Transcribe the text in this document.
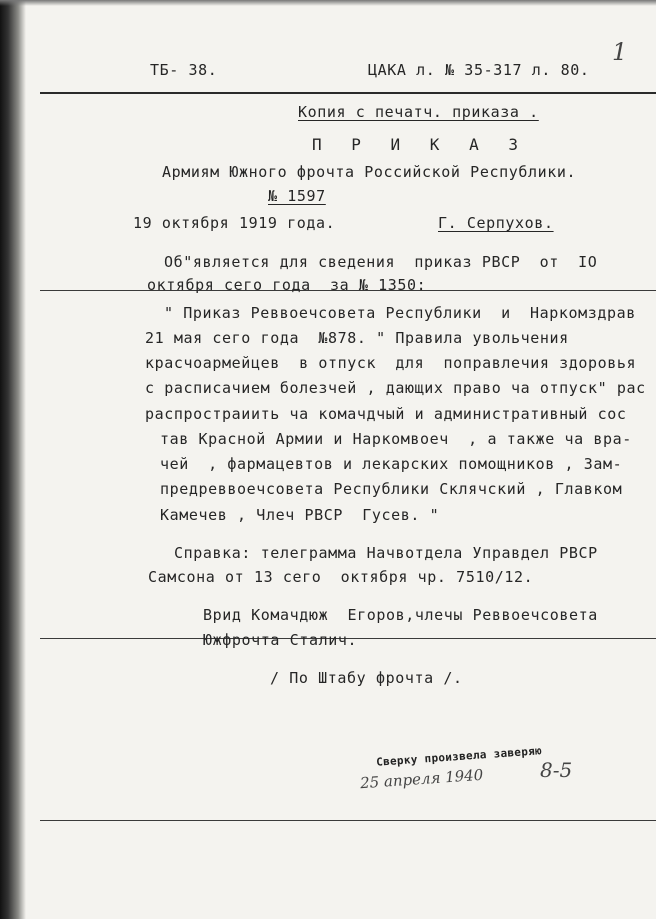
ТБ- 38.	ЦАКА л. № 35-317 л. 80.
1
Копия с печатч. приказа .
П Р И К А З
Армиям Южного фрочта Российской Республики.
№ 1597
19 октября 1919 года.	Г. Серпухов.
Об"является для сведения  приказ РВСР  от  IO
октября сего года  за № 1350:
" Приказ Реввоечсовета Республики  и  Наркомздрав
21 мая сего года  №878. " Правила увольчения
красчоармейцев  в отпуск  для  поправлечия здоровья
с расписачием болезчей , дающих право ча отпуск" рас
распростраиить ча комачдчый и административный сос
тав Красной Армии и Наркомвоеч  , а также ча вра-
чей  , фармацевтов и лекарских помощников , Зам-
предреввоечсовета Республики Склячский , Главком
Камечев , Члеч РВСР  Гусев. "
Справка: телеграмма Начвотдела Управдел РВСР
Самсона от 13 сего  октября чр. 7510/12.
Врид Комачдюж  Егоров,члечы Реввоечсовета
Южфрочта Сталич.
/ По Штабу фрочта /.
Сверку произвела заверяю
25 апреля 1940	8-5
